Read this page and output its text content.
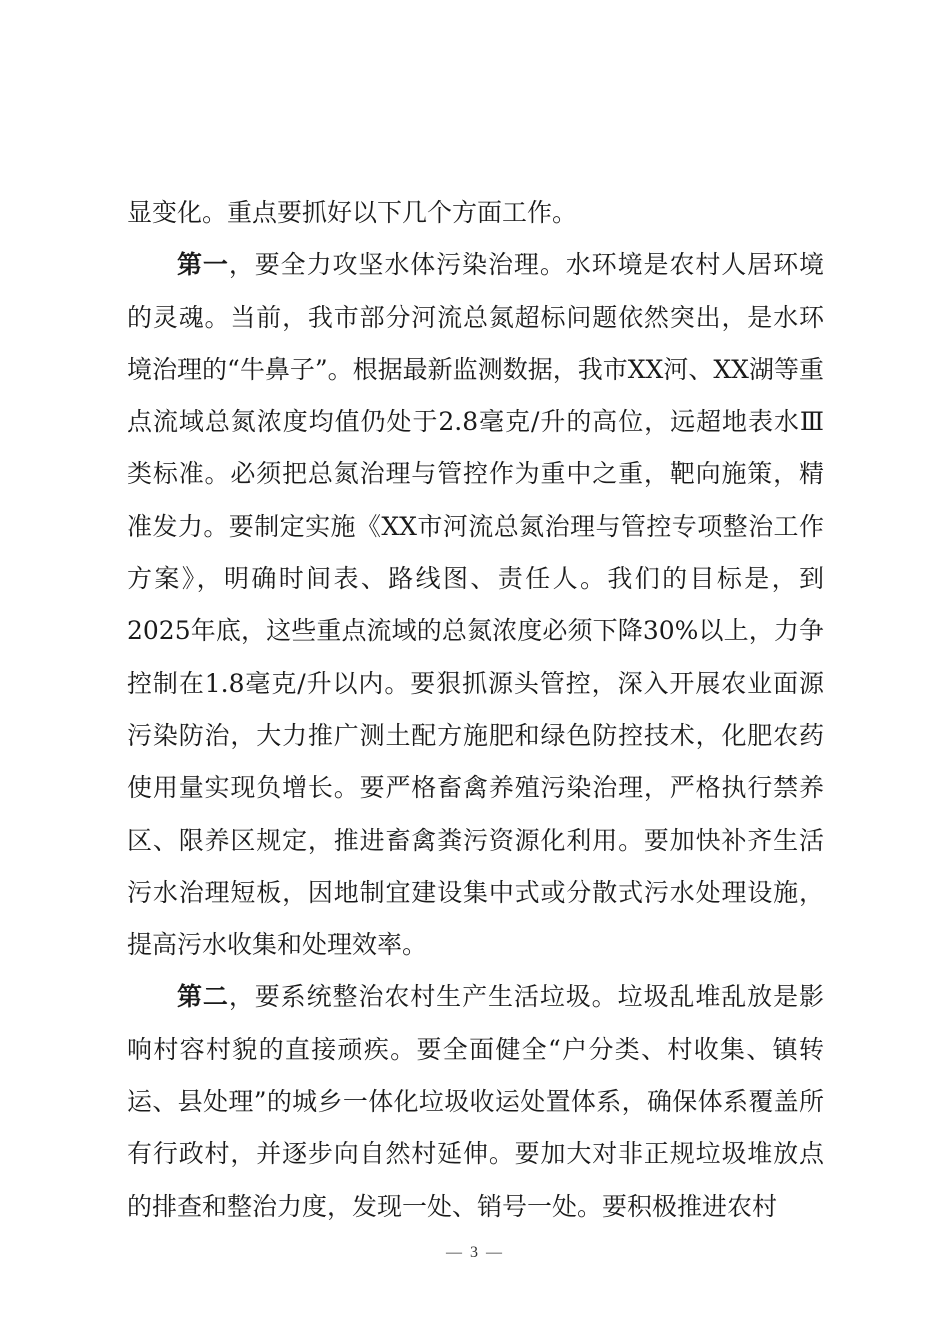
显变化。重点要抓好以下几个方面工作。

第一，要全力攻坚水体污染治理。水环境是农村人居环境的灵魂。当前，我市部分河流总氮超标问题依然突出，是水环境治理的“牛鼻子”。根据最新监测数据，我市XX河、XX湖等重点流域总氮浓度均值仍处于2.8毫克/升的高位，远超地表水Ⅲ类标准。必须把总氮治理与管控作为重中之重，靶向施策，精准发力。要制定实施《XX市河流总氮治理与管控专项整治工作方案》，明确时间表、路线图、责任人。我们的目标是，到2025年底，这些重点流域的总氮浓度必须下降30%以上，力争控制在1.8毫克/升以内。要狠抓源头管控，深入开展农业面源污染防治，大力推广测土配方施肥和绿色防控技术，化肥农药使用量实现负增长。要严格畜禽养殖污染治理，严格执行禁养区、限养区规定，推进畜禽粪污资源化利用。要加快补齐生活污水治理短板，因地制宜建设集中式或分散式污水处理设施，提高污水收集和处理效率。

第二，要系统整治农村生产生活垃圾。垃圾乱堆乱放是影响村容村貌的直接顽疾。要全面健全“户分类、村收集、镇转运、县处理”的城乡一体化垃圾收运处置体系，确保体系覆盖所有行政村，并逐步向自然村延伸。要加大对非正规垃圾堆放点的排查和整治力度，发现一处、销号一处。要积极推进农村

— 3 —
